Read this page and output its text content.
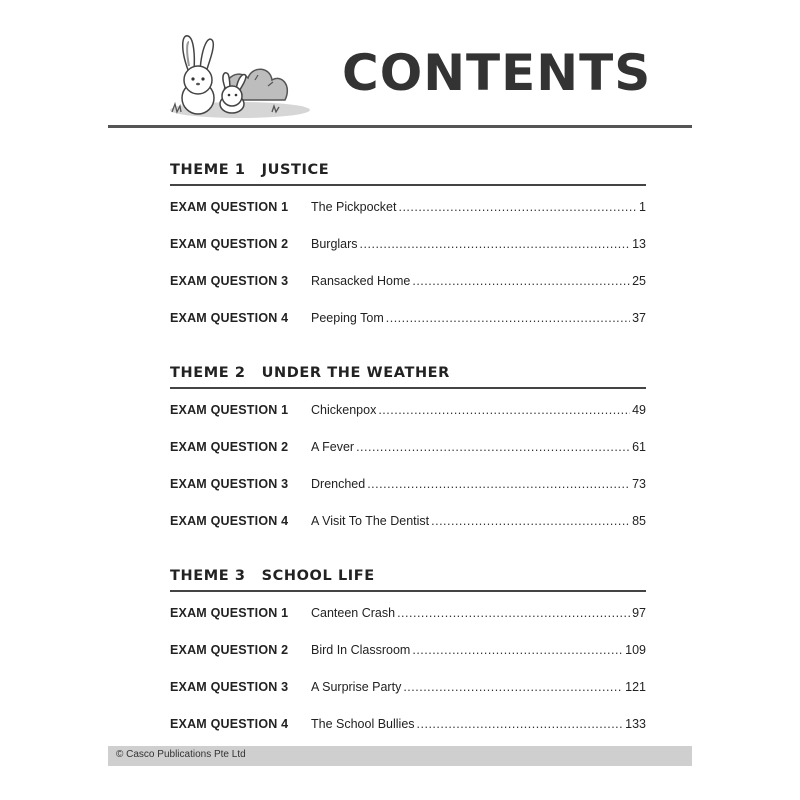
CONTENTS
THEME 1 JUSTICE
EXAM QUESTION 1	The Pickpocket .....	1
EXAM QUESTION 2	Burglars .....	13
EXAM QUESTION 3	Ransacked Home .....	25
EXAM QUESTION 4	Peeping Tom .....	37
THEME 2 UNDER THE WEATHER
EXAM QUESTION 1	Chickenpox .....	49
EXAM QUESTION 2	A Fever .....	61
EXAM QUESTION 3	Drenched .....	73
EXAM QUESTION 4	A Visit To The Dentist .....	85
THEME 3 SCHOOL LIFE
EXAM QUESTION 1	Canteen Crash .....	97
EXAM QUESTION 2	Bird In Classroom .....	109
EXAM QUESTION 3	A Surprise Party .....	121
EXAM QUESTION 4	The School Bullies .....	133
© Casco Publications Pte Ltd
